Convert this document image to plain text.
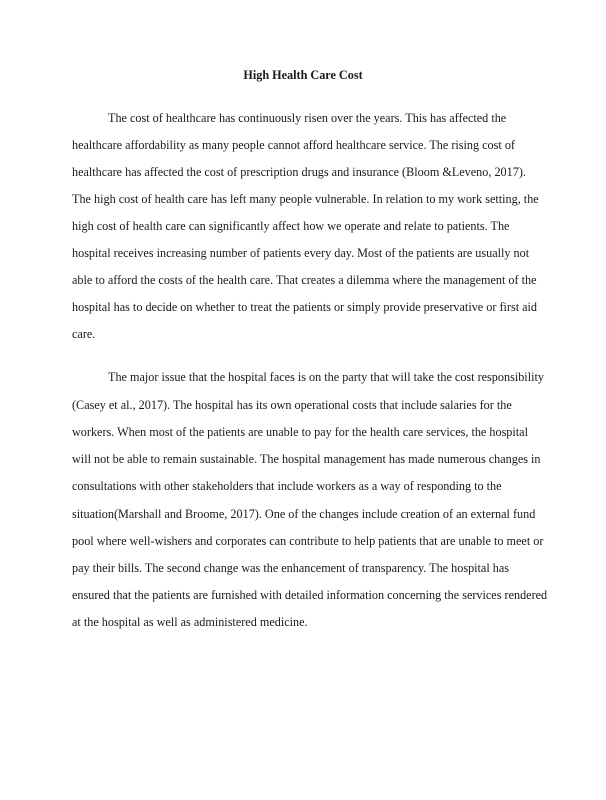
High Health Care Cost

The cost of healthcare has continuously risen over the years. This has affected the

healthcare affordability as many people cannot afford healthcare service. The rising cost of

healthcare has affected the cost of prescription drugs and insurance (Bloom &Leveno, 2017).

The high cost of health care has left many people vulnerable. In relation to my work setting, the

high cost of health care can significantly affect how we operate and relate to patients. The

hospital receives increasing number of patients every day. Most of the patients are usually not

able to afford the costs of the health care. That creates a dilemma where the management of the

hospital has to decide on whether to treat the patients or simply provide preservative or first aid

care.

The major issue that the hospital faces is on the party that will take the cost responsibility

(Casey et al., 2017). The hospital has its own operational costs that include salaries for the

workers. When most of the patients are unable to pay for the health care services, the hospital

will not be able to remain sustainable. The hospital management has made numerous changes in

consultations with other stakeholders that include workers as a way of responding to the

situation(Marshall and Broome, 2017). One of the changes include creation of an external fund

pool where well-wishers and corporates can contribute to help patients that are unable to meet or

pay their bills. The second change was the enhancement of transparency. The hospital has

ensured that the patients are furnished with detailed information concerning the services rendered

at the hospital as well as administered medicine.
